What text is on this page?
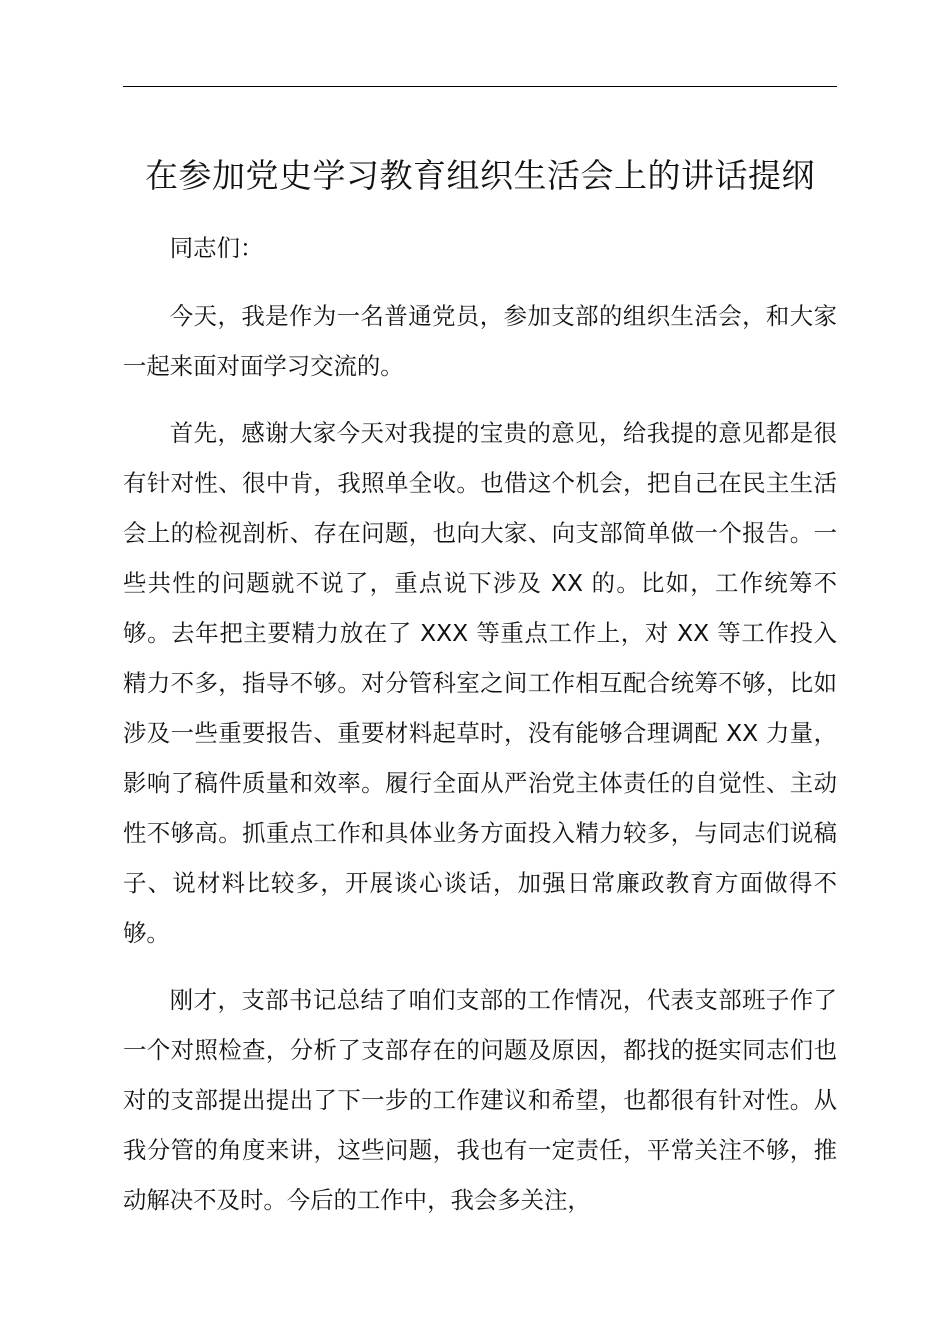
在参加党史学习教育组织生活会上的讲话提纲

同志们：

今天，我是作为一名普通党员，参加支部的组织生活会，和大家一起来面对面学习交流的。

首先，感谢大家今天对我提的宝贵的意见，给我提的意见都是很有针对性、很中肯，我照单全收。也借这个机会，把自己在民主生活会上的检视剖析、存在问题，也向大家、向支部简单做一个报告。一些共性的问题就不说了，重点说下涉及 XX 的。比如，工作统筹不够。去年把主要精力放在了 XXX 等重点工作上，对 XX 等工作投入精力不多，指导不够。对分管科室之间工作相互配合统筹不够，比如涉及一些重要报告、重要材料起草时，没有能够合理调配 XX 力量，影响了稿件质量和效率。履行全面从严治党主体责任的自觉性、主动性不够高。抓重点工作和具体业务方面投入精力较多，与同志们说稿子、说材料比较多，开展谈心谈话，加强日常廉政教育方面做得不够。

刚才，支部书记总结了咱们支部的工作情况，代表支部班子作了一个对照检查，分析了支部存在的问题及原因，都找的挺实同志们也对的支部提出提出了下一步的工作建议和希望，也都很有针对性。从我分管的角度来讲，这些问题，我也有一定责任，平常关注不够，推动解决不及时。今后的工作中，我会多关注，
